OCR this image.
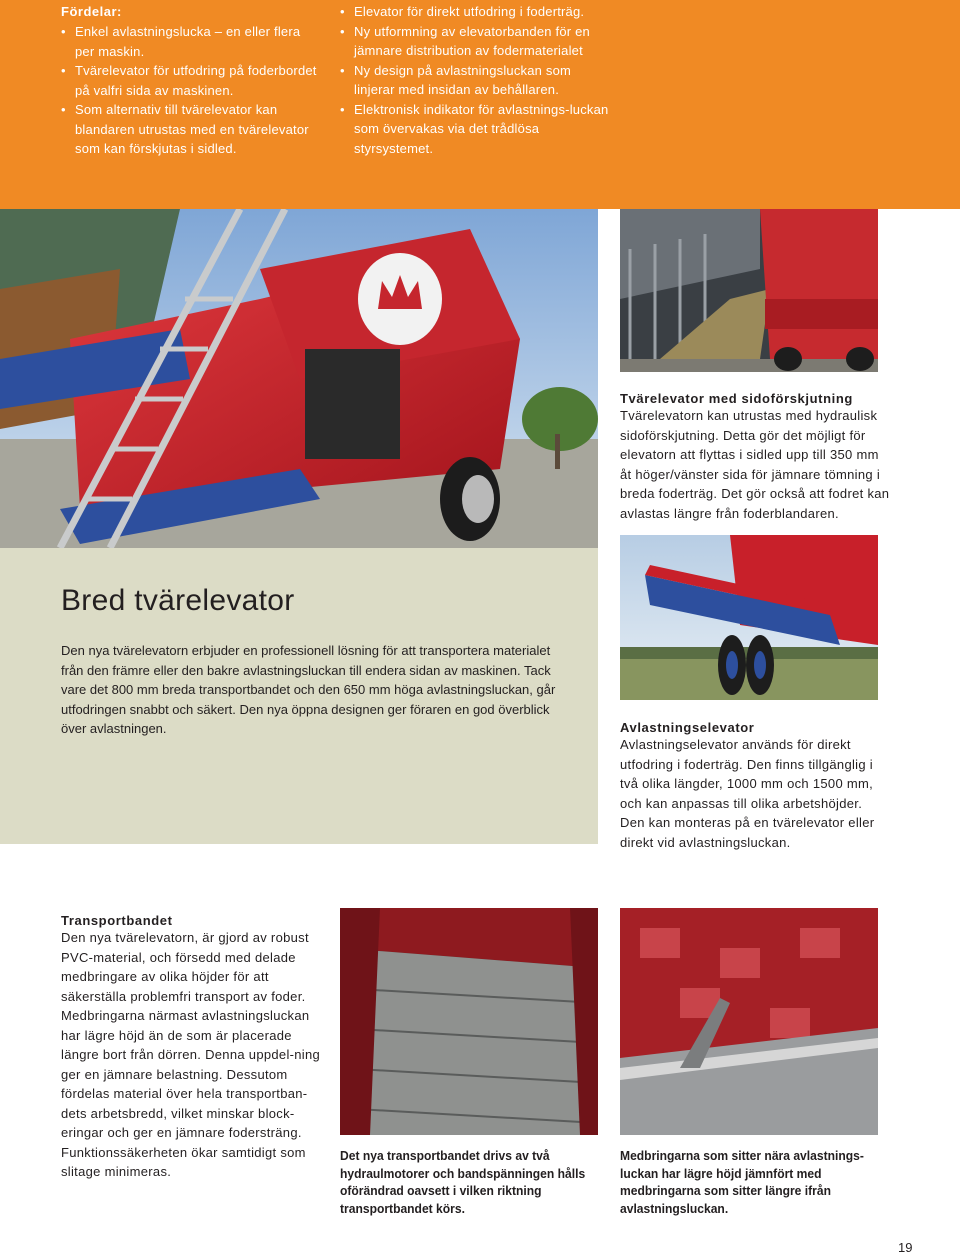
Fördelar:
• Enkel avlastningslucka – en eller flera per maskin.
• Tvärelevator för utfodring på foderbordet på valfri sida av maskinen.
• Som alternativ till tvärelevator kan blandaren utrustas med en tvärelevator som kan förskjutas i sidled.
• Elevator för direkt utfodring i foderträg.
• Ny utformning av elevatorbanden för en jämnare distribution av fodermaterialet
• Ny design på avlastningsluckan som linjerar med insidan av behållaren.
• Elektronisk indikator för avlastnings-luckan som övervakas via det trådlösa styrsystemet.
Tvärelevator med sidoförskjutning
Tvärelevatorn kan utrustas med hydraulisk sidoförskjutning. Detta gör det möjligt för elevatorn att flyttas i sidled upp till 350 mm åt höger/vänster sida för jämnare tömning i breda foderträg. Det gör också att fodret kan avlastas längre från foderblandaren.
Bred tvärelevator
Den nya tvärelevatorn erbjuder en professionell lösning för att transportera materialet från den främre eller den bakre avlastningsluckan till endera sidan av maskinen. Tack vare det 800 mm breda transportbandet och den 650 mm höga avlastningsluckan, går utfodringen snabbt och säkert. Den nya öppna designen ger föraren en god överblick över avlastningen.	Avlastningselevator
Avlastningselevator används för direkt utfodring i foderträg. Den finns tillgänglig i två olika längder, 1000 mm och 1500 mm, och kan anpassas till olika arbetshöjder. Den kan monteras på en tvärelevator eller direkt vid avlastningsluckan.
Transportbandet
Den nya tvärelevatorn, är gjord av robust PVC-material, och försedd med delade medbringare av olika höjder för att säkerställa problemfri transport av foder. Medbringarna närmast avlastningsluckan har lägre höjd än de som är placerade längre bort från dörren. Denna uppdel-ning ger en jämnare belastning. Dessutom fördelas material över hela transportban-dets arbetsbredd, vilket minskar block-eringar och ger en jämnare fodersträng. Funktionssäkerheten ökar samtidigt som slitage minimeras.
Det nya transportbandet drivs av två hydraulmotorer och bandspänningen hålls oförändrad oavsett i vilken riktning transportbandet körs.
Medbringarna som sitter nära avlastnings-luckan har lägre höjd jämnfört med medbringarna som sitter längre ifrån avlastningsluckan.
19
